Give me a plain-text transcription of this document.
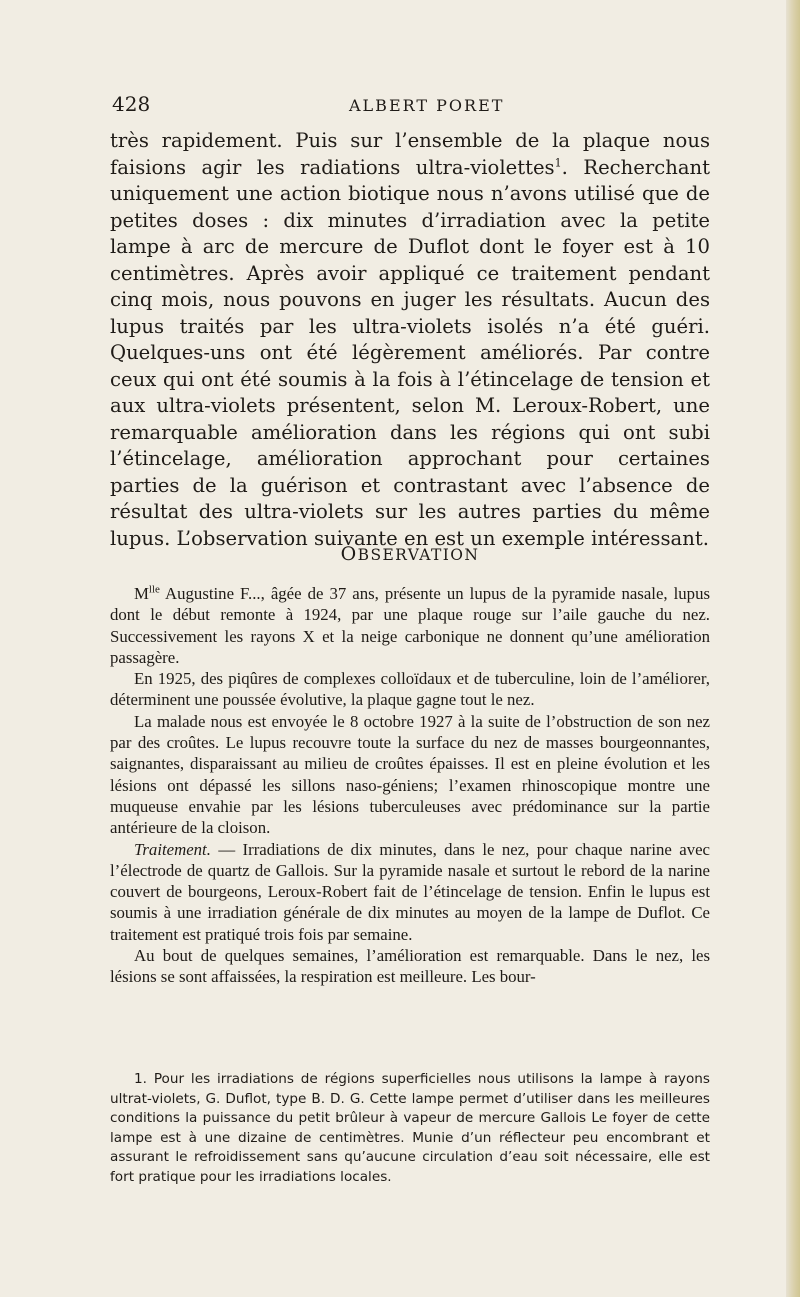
428	ALBERT PORET

très rapidement. Puis sur l’ensemble de la plaque nous faisions agir les radiations ultra-violettes$^1$. Recherchant uniquement une action biotique nous n’avons utilisé que de petites doses : dix minutes d’irradiation avec la petite lampe à arc de mercure de Duflot dont le foyer est à 10 centimètres. Après avoir appliqué ce traitement pendant cinq mois, nous pouvons en juger les résultats. Aucun des lupus traités par les ultra-violets isolés n’a été guéri. Quelques-uns ont été légèrement améliorés. Par contre ceux qui ont été soumis à la fois à l’étincelage de tension et aux ultra-violets présentent, selon M. Leroux-Robert, une remarquable amélioration dans les régions qui ont subi l’étincelage, amélioration approchant pour certaines parties de la guérison et contrastant avec l’absence de résultat des ultra-violets sur les autres parties du même lupus. L’observation suivante en est un exemple intéressant.

OBSERVATION

$M^{lle}$ Augustine F..., âgée de 37 ans, présente un lupus de la pyramide nasale, lupus dont le début remonte à 1924, par une plaque rouge sur l’aile gauche du nez. Successivement les rayons X et la neige carbonique ne donnent qu’une amélioration passagère.

En 1925, des piqûres de complexes colloïdaux et de tuberculine, loin de l’améliorer, déterminent une poussée évolutive, la plaque gagne tout le nez.

La malade nous est envoyée le 8 octobre 1927 à la suite de l’obstruction de son nez par des croûtes. Le lupus recouvre toute la surface du nez de masses bourgeonnantes, saignantes, disparaissant au milieu de croûtes épaisses. Il est en pleine évolution et les lésions ont dépassé les sillons naso-géniens; l’examen rhinoscopique montre une muqueuse envahie par les lésions tuberculeuses avec prédominance sur la partie antérieure de la cloison.

Traitement. — Irradiations de dix minutes, dans le nez, pour chaque narine avec l’électrode de quartz de Gallois. Sur la pyramide nasale et surtout le rebord de la narine couvert de bourgeons, Leroux-Robert fait de l’étincelage de tension. Enfin le lupus est soumis à une irradiation générale de dix minutes au moyen de la lampe de Duflot. Ce traitement est pratiqué trois fois par semaine.

Au bout de quelques semaines, l’amélioration est remarquable. Dans le nez, les lésions se sont affaissées, la respiration est meilleure. Les bour-

1. Pour les irradiations de régions superficielles nous utilisons la lampe à rayons ultrat-violets, G. Duflot, type B. D. G. Cette lampe permet d’utiliser dans les meilleures conditions la puissance du petit brûleur à vapeur de mercure Gallois Le foyer de cette lampe est à une dizaine de centimètres. Munie d’un réflecteur peu encombrant et assurant le refroidissement sans qu’aucune circulation d’eau soit nécessaire, elle est fort pratique pour les irradiations locales.
